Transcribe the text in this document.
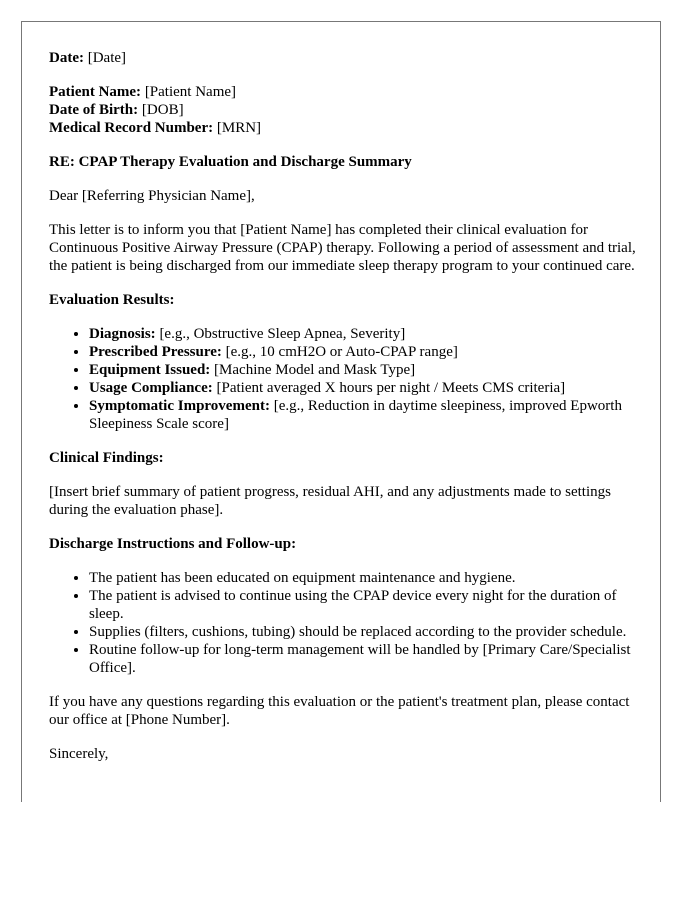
Date: [Date]

Patient Name: [Patient Name]
Date of Birth: [DOB]
Medical Record Number: [MRN]

RE: CPAP Therapy Evaluation and Discharge Summary

Dear [Referring Physician Name],

This letter is to inform you that [Patient Name] has completed their clinical evaluation for Continuous Positive Airway Pressure (CPAP) therapy. Following a period of assessment and trial, the patient is being discharged from our immediate sleep therapy program to your continued care.

Evaluation Results:

• Diagnosis: [e.g., Obstructive Sleep Apnea, Severity]
• Prescribed Pressure: [e.g., 10 cmH2O or Auto-CPAP range]
• Equipment Issued: [Machine Model and Mask Type]
• Usage Compliance: [Patient averaged X hours per night / Meets CMS criteria]
• Symptomatic Improvement: [e.g., Reduction in daytime sleepiness, improved Epworth Sleepiness Scale score]

Clinical Findings:

[Insert brief summary of patient progress, residual AHI, and any adjustments made to settings during the evaluation phase].

Discharge Instructions and Follow-up:

• The patient has been educated on equipment maintenance and hygiene.
• The patient is advised to continue using the CPAP device every night for the duration of sleep.
• Supplies (filters, cushions, tubing) should be replaced according to the provider schedule.
• Routine follow-up for long-term management will be handled by [Primary Care/Specialist Office].

If you have any questions regarding this evaluation or the patient's treatment plan, please contact our office at [Phone Number].

Sincerely,
